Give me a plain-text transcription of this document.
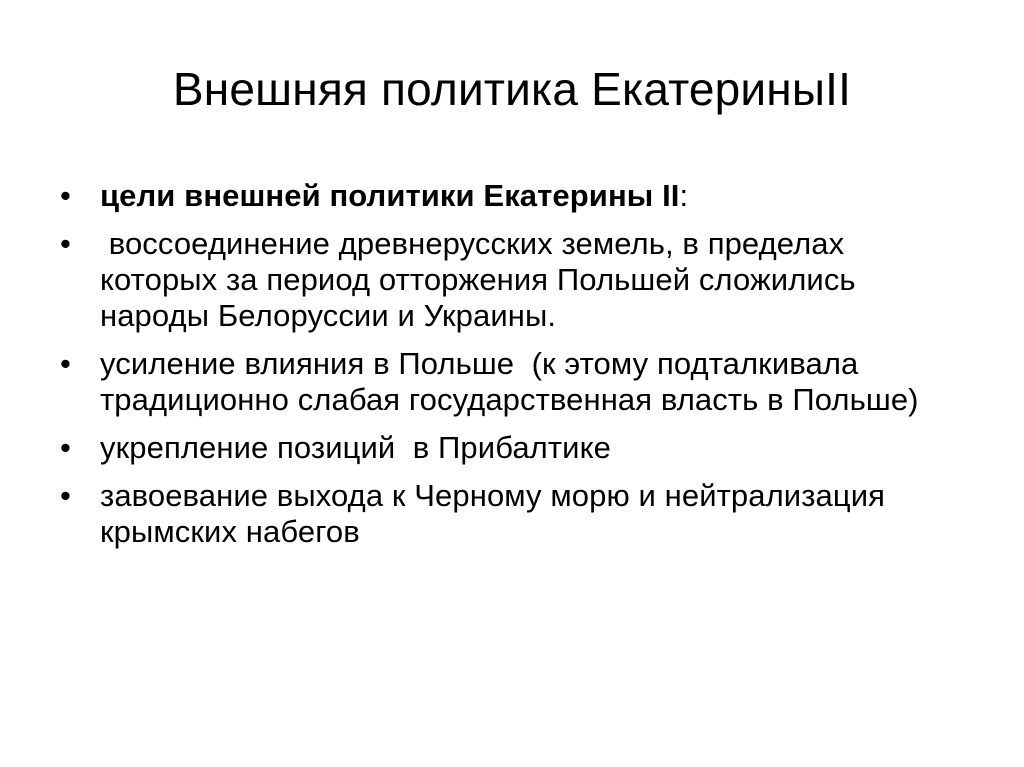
Внешняя политика ЕкатериныII
• цели внешней политики Екатерины II:
• воссоединение древнерусских земель, в пределах которых за период отторжения Польшей сложились народы Белоруссии и Украины.
• усиление влияния в Польше  (к этому подталкивала традиционно слабая государственная власть в Польше)
• укрепление позиций  в Прибалтике
• завоевание выхода к Черному морю и нейтрализация крымских набегов
